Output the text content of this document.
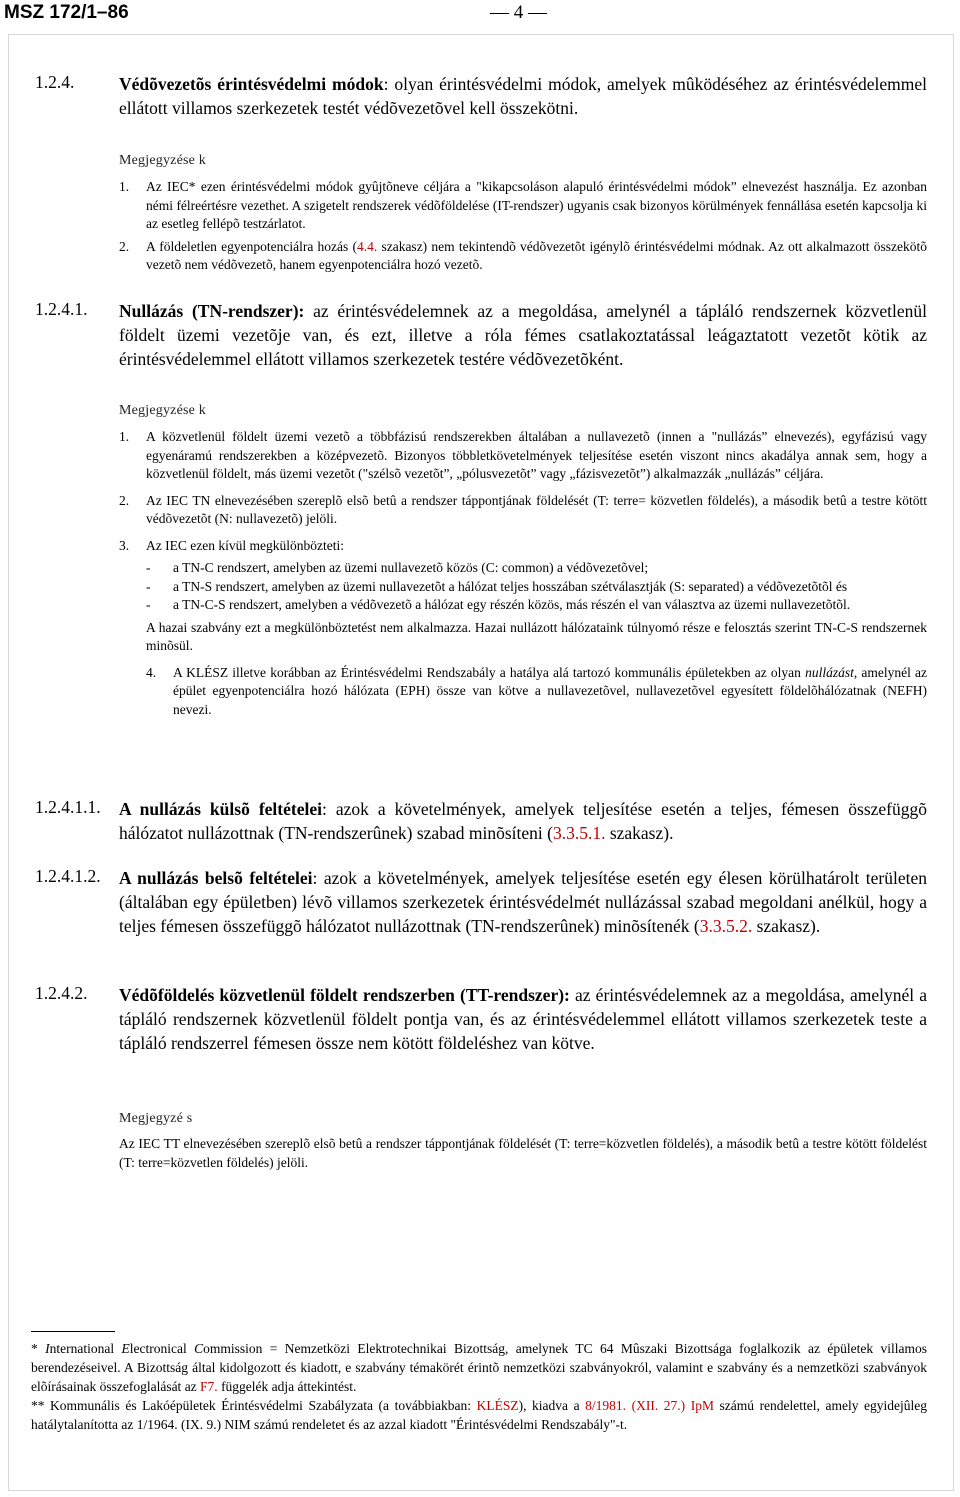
MSZ 172/1–86	— 4 —
1.2.4.	Védõvezetõs érintésvédelmi módok: olyan érintésvédelmi módok, amelyek mûködéséhez az érintésvédelemmel ellátott villamos szerkezetek testét védõvezetõvel kell összekötni.
Megjegyzése k
1. Az IEC* ezen érintésvédelmi módok gyûjtõneve céljára a "kikapcsoláson alapuló érintésvédelmi módok” elnevezést használja. Ez azonban némi félreértésre vezethet. A szigetelt rendszerek védõföldelése (IT-rendszer) ugyanis csak bizonyos körülmények fennállása esetén kapcsolja ki az esetleg fellépõ testzárlatot.
2. A földeletlen egyenpotenciálra hozás (4.4. szakasz) nem tekintendõ védõvezetõt igénylõ érintésvédelmi módnak. Az ott alkalmazott összekötõ vezetõ nem védõvezetõ, hanem egyenpotenciálra hozó vezetõ.
1.2.4.1. Nullázás (TN-rendszer): az érintésvédelemnek az a megoldása, amelynél a tápláló rendszernek közvetlenül földelt üzemi vezetõje van, és ezt, illetve a róla fémes csatlakoztatással leágaztatott vezetõt kötik az érintésvédelemmel ellátott villamos szerkezetek testére védõvezetõként.
Megjegyzése k
1. A közvetlenül földelt üzemi vezetõ a többfázisú rendszerekben általában a nullavezetõ (innen a "nullázás” elnevezés), egyfázisú vagy egyenáramú rendszerekben a középvezetõ. Bizonyos többletkövetelmények teljesítése esetén viszont nincs akadálya annak sem, hogy a közvetlenül földelt, más üzemi vezetõt ("szélsõ vezetõt”, „pólusvezetõt” vagy „fázisvezetõt”) alkalmazzák „nullázás” céljára.
2. Az IEC TN elnevezésében szereplõ elsõ betû a rendszer táppontjának földelését (T: terre= közvetlen földelés), a második betû a testre kötött védõvezetõt (N: nullavezetõ) jelöli.
3. Az IEC ezen kívül megkülönbözteti:
- a TN-C rendszert, amelyben az üzemi nullavezetõ közös (C: common) a védõvezetõvel;
- a TN-S rendszert, amelyben az üzemi nullavezetõt a hálózat teljes hosszában szétválasztják (S: separated) a védõvezetõtõl és
- a TN-C-S rendszert, amelyben a védõvezetõ a hálózat egy részén közös, más részén el van választva az üzemi nullavezetõtõl.

A hazai szabvány ezt a megkülönböztetést nem alkalmazza. Hazai nullázott hálózataink túlnyomó része e felosztás szerint TN-C-S rendszernek minõsül.

4. A KLÉSZ illetve korábban az Érintésvédelmi Rendszabály a hatálya alá tartozó kommunális épületekben az olyan nullázást, amelynél az épület egyenpotenciálra hozó hálózata (EPH) össze van kötve a nullavezetõvel, nullavezetõvel egyesített földelõhálózatnak (NEFH) nevezi.
1.2.4.1.1. A nullázás külsõ feltételei: azok a követelmények, amelyek teljesítése esetén a teljes, fémesen összefüggõ hálózatot nullázottnak (TN-rendszerûnek) szabad minõsíteni (3.3.5.1. szakasz).
1.2.4.1.2. A nullázás belsõ feltételei: azok a követelmények, amelyek teljesítése esetén egy élesen körülhatárolt területen (általában egy épületben) lévõ villamos szerkezetek érintésvédelmét nullázással szabad megoldani anélkül, hogy a teljes fémesen összefüggõ hálózatot nullázottnak (TN-rendszerûnek) minõsítenék (3.3.5.2. szakasz).
1.2.4.2. Védõföldelés közvetlenül földelt rendszerben (TT-rendszer): az érintésvédelemnek az a megoldása, amelynél a tápláló rendszernek közvetlenül földelt pontja van, és az érintésvédelemmel ellátott villamos szerkezetek teste a tápláló rendszerrel fémesen össze nem kötött földeléshez van kötve.
Megjegyzé s
Az IEC TT elnevezésében szereplõ elsõ betû a rendszer táppontjának földelését (T: terre=közvetlen földelés), a második betû a testre kötött földelést (T: terre=közvetlen földelés) jelöli.
* International Electronical Commission = Nemzetközi Elektrotechnikai Bizottság, amelynek TC 64 Mûszaki Bizottsága foglalkozik az épületek villamos berendezéseivel. A Bizottság által kidolgozott és kiadott, e szabvány témakörét érintõ nemzetközi szabványokról, valamint e szabvány és a nemzetközi szabványok elõírásainak összefoglalását az F7. függelék adja áttekintést.
** Kommunális és Lakóépületek Érintésvédelmi Szabályzata (a továbbiakban: KLÉSZ), kiadva a 8/1981. (XII. 27.) IpM számú rendelettel, amely egyidejûleg hatálytalanította az 1/1964. (IX. 9.) NIM számú rendeletet és az azzal kiadott "Érintésvédelmi Rendszabály"-t.
